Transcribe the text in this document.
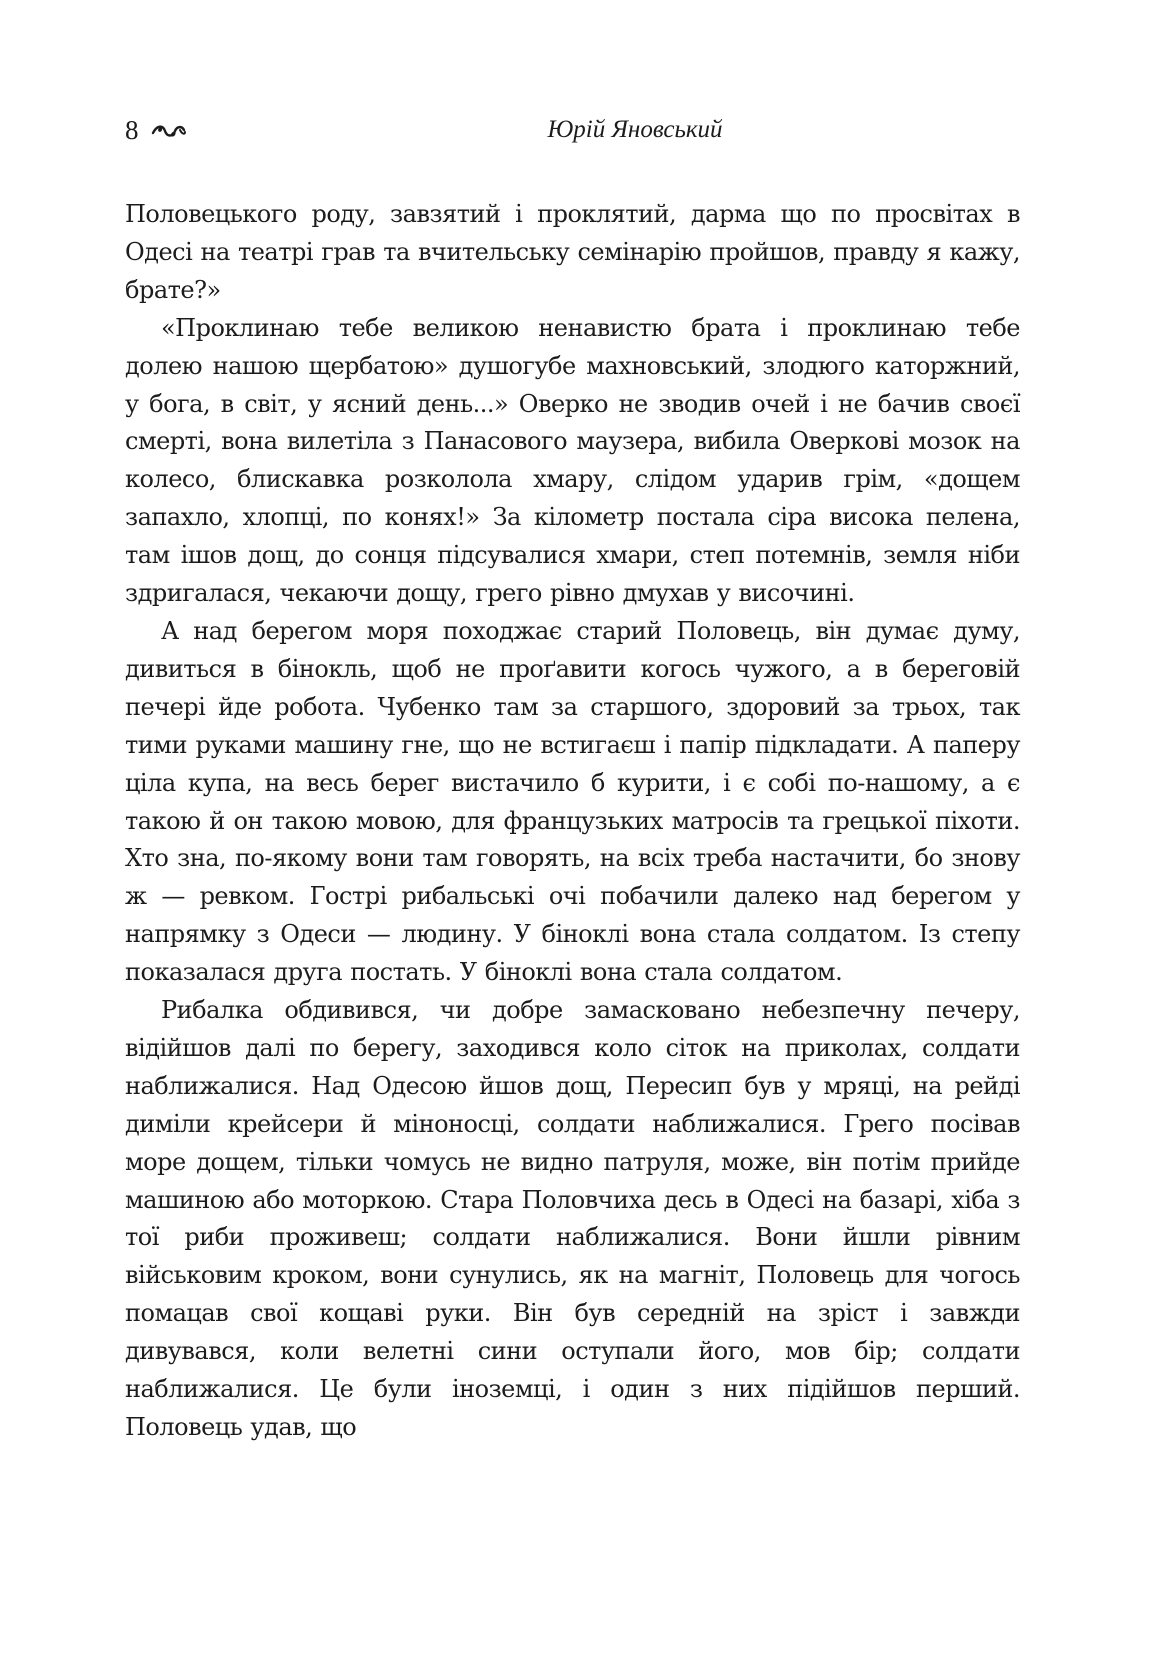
8	Юрій Яновський

Половецького роду, завзятий і проклятий, дарма що по просвітах в Одесі на театрі грав та вчительську семінарію пройшов, правду я кажу, брате?»

«Проклинаю тебе великою ненавистю брата і проклинаю тебе долею нашою щербатою» душогубе махновський, злодюго каторжний, у бога, в світ, у ясний день...» Оверко не зводив очей і не бачив своєї смерті, вона вилетіла з Панасового маузера, вибила Оверкові мозок на колесо, блискавка розколола хмару, слідом ударив грім, «дощем запахло, хлопці, по конях!» За кілометр постала сіра висока пелена, там ішов дощ, до сонця підсувалися хмари, степ потемнів, земля ніби здригалася, чекаючи дощу, грего рівно дмухав у височині.

А над берегом моря походжає старий Половець, він думає думу, дивиться в бінокль, щоб не проґавити когось чужого, а в береговій печері йде робота. Чубенко там за старшого, здоровий за трьох, так тими руками машину гне, що не встигаєш і папір підкладати. А паперу ціла купа, на весь берег вистачило б курити, і є собі по-нашому, а є такою й он такою мовою, для французьких матросів та грецької піхоти. Хто зна, по-якому вони там говорять, на всіх треба настачити, бо знову ж — ревком. Гострі рибальські очі побачили далеко над берегом у напрямку з Одеси — людину. У біноклі вона стала солдатом. Із степу показалася друга постать. У біноклі вона стала солдатом.

Рибалка обдивився, чи добре замасковано небезпечну печеру, відійшов далі по берегу, заходився коло сіток на приколах, солдати наближалися. Над Одесою йшов дощ, Пересип був у мряці, на рейді диміли крейсери й міноносці, солдати наближалися. Грего посівав море дощем, тільки чомусь не видно патруля, може, він потім прийде машиною або моторкою. Стара Половчиха десь в Одесі на базарі, хіба з тої риби проживеш; солдати наближалися. Вони йшли рівним військовим кроком, вони сунулись, як на магніт, Половець для чогось помацав свої кощаві руки. Він був середній на зріст і завжди дивувався, коли велетні сини оступали його, мов бір; солдати наближалися. Це були іноземці, і один з них підійшов перший. Половець удав, що
